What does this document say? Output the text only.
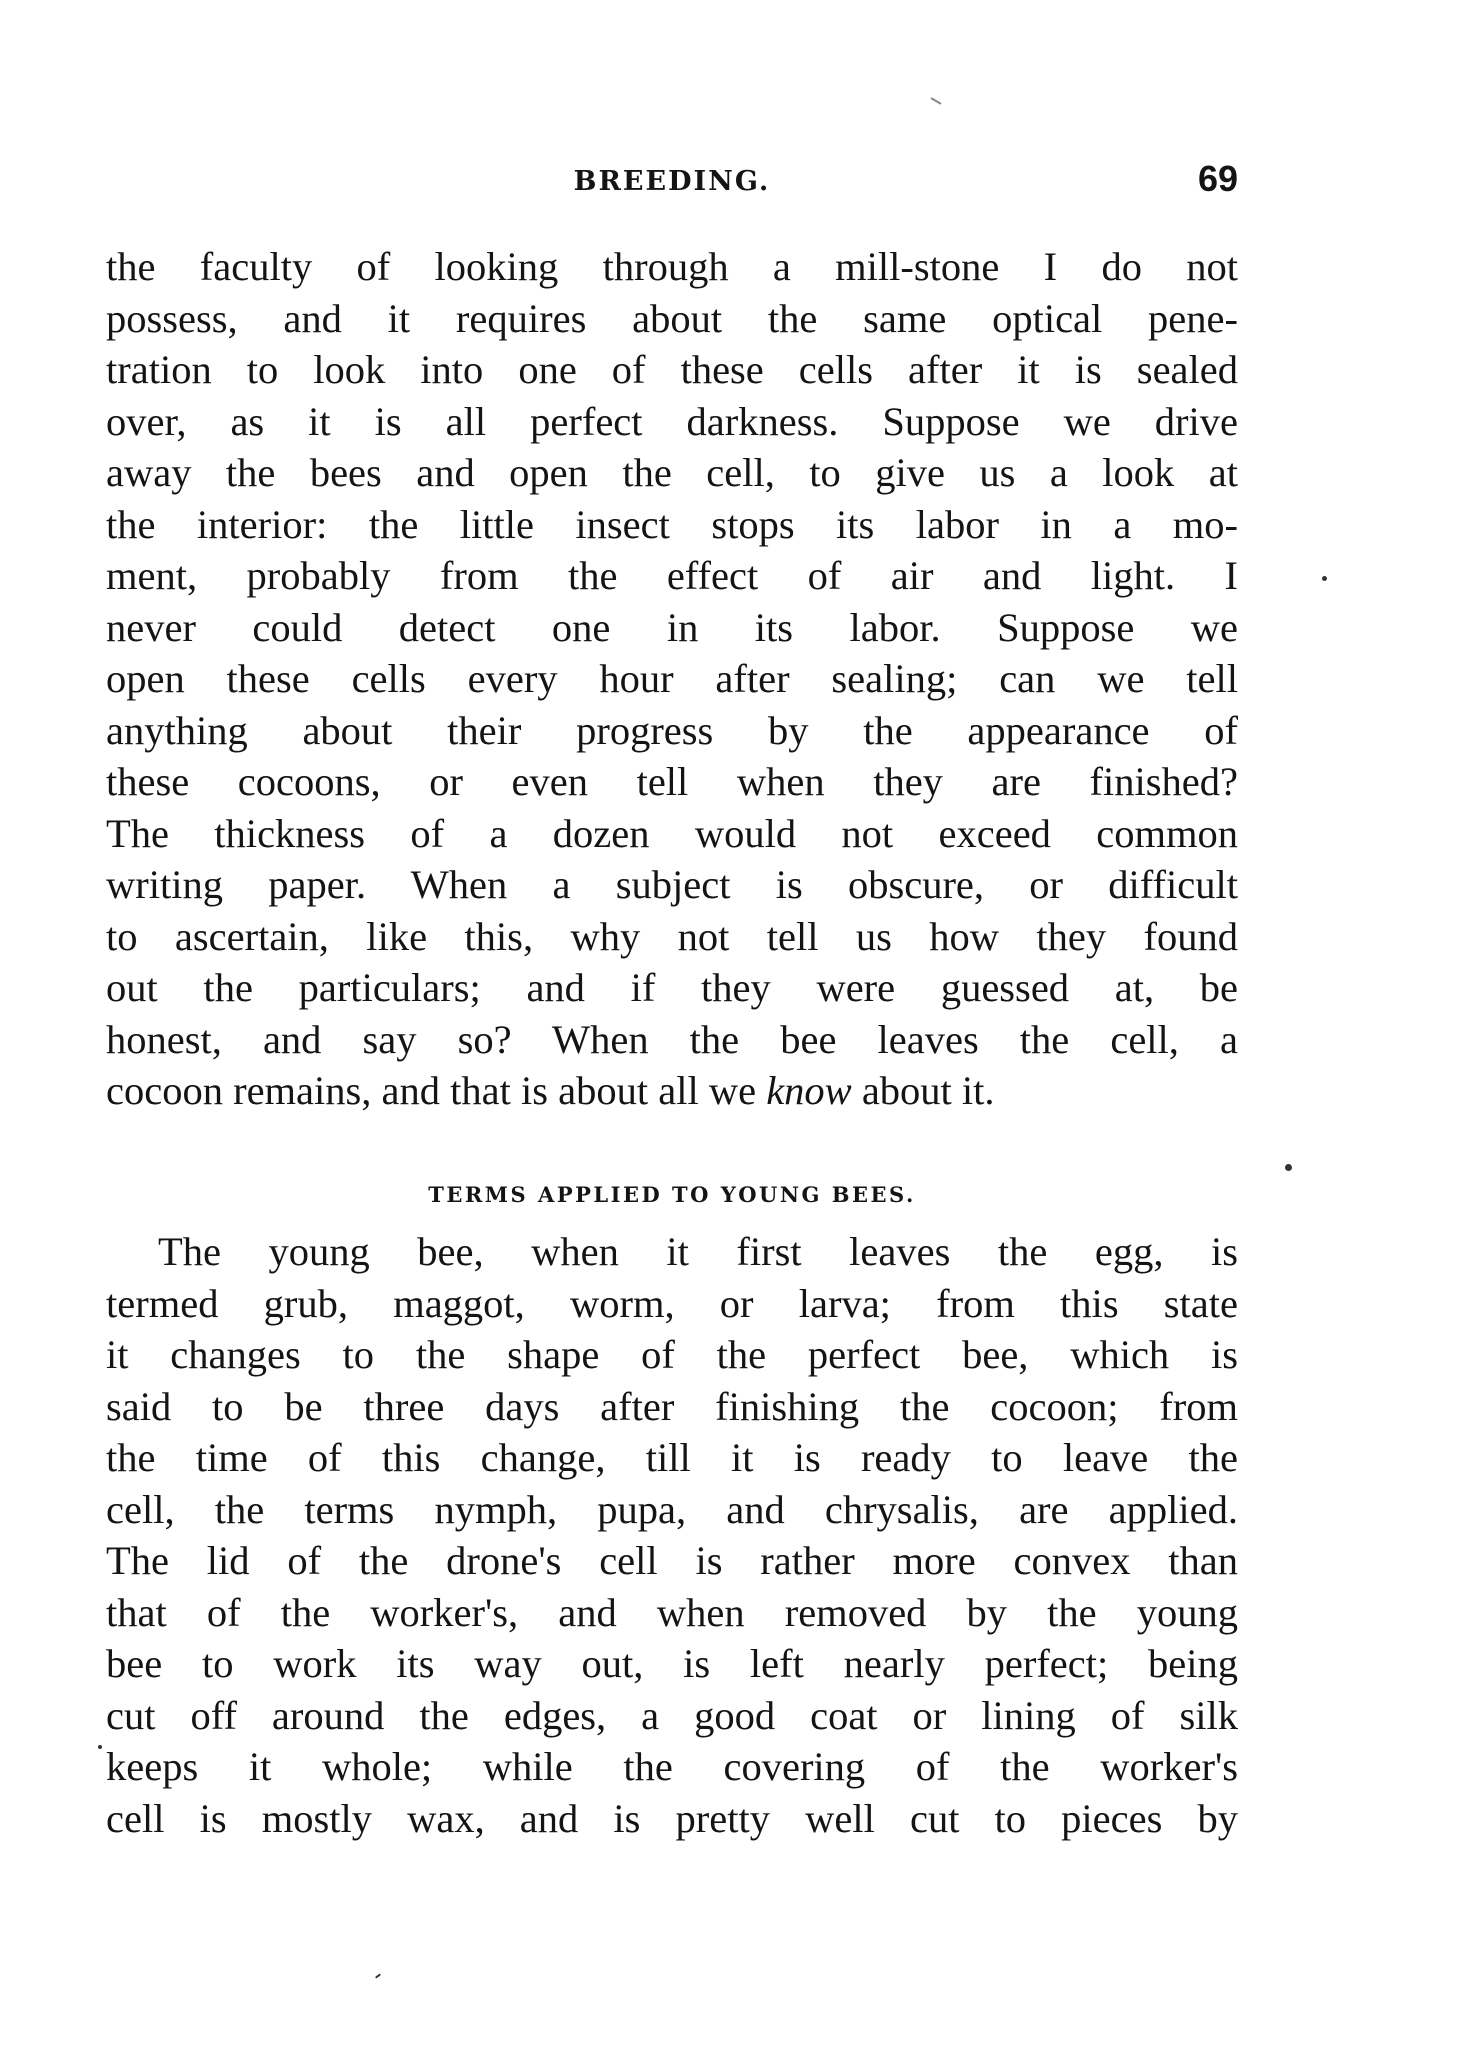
BREEDING.	69
the faculty of looking through a mill-stone I do not
possess, and it requires about the same optical pene-
tration to look into one of these cells after it is sealed
over, as it is all perfect darkness. Suppose we drive
away the bees and open the cell, to give us a look at
the interior: the little insect stops its labor in a mo-
ment, probably from the effect of air and light. I
never could detect one in its labor. Suppose we
open these cells every hour after sealing; can we tell
anything about their progress by the appearance of
these cocoons, or even tell when they are finished?
The thickness of a dozen would not exceed common
writing paper. When a subject is obscure, or difficult
to ascertain, like this, why not tell us how they found
out the particulars; and if they were guessed at, be
honest, and say so? When the bee leaves the cell, a
cocoon remains, and that is about all we know about it.
TERMS APPLIED TO YOUNG BEES.
The young bee, when it first leaves the egg, is
termed grub, maggot, worm, or larva; from this state
it changes to the shape of the perfect bee, which is
said to be three days after finishing the cocoon; from
the time of this change, till it is ready to leave the
cell, the terms nymph, pupa, and chrysalis, are applied.
The lid of the drone's cell is rather more convex than
that of the worker's, and when removed by the young
bee to work its way out, is left nearly perfect; being
cut off around the edges, a good coat or lining of silk
keeps it whole; while the covering of the worker's
cell is mostly wax, and is pretty well cut to pieces by
